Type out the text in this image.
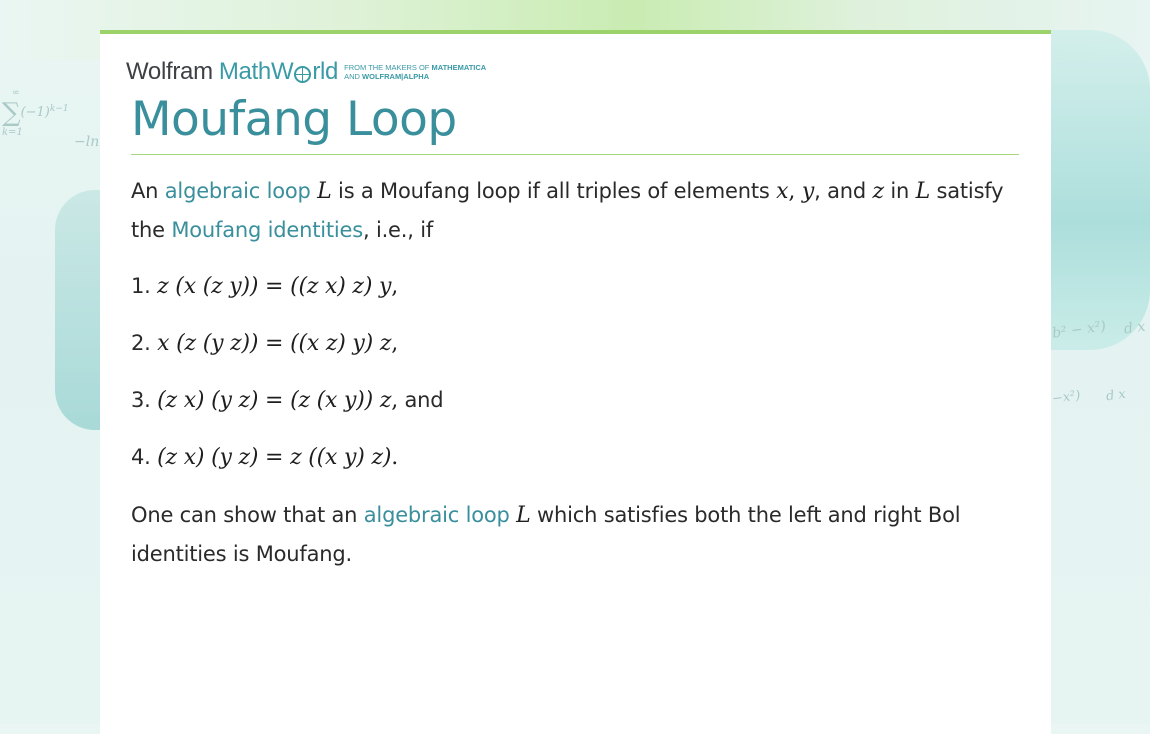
∞
∑ (−1) k−1
k=1
−ln
b² − x²) d x
−x²) d x
Wolfram MathW rld FROM THE MAKERS OF MATHEMATICA
AND WOLFRAM|ALPHA
Moufang Loop

An algebraic loop L is a Moufang loop if all triples of elements x, y, and z in L satisfy the Moufang identities, i.e., if

1. z (x (z y)) = ((z x) z) y,

2. x (z (y z)) = ((x z) y) z,

3. (z x) (y z) = (z (x y)) z, and

4. (z x) (y z) = z ((x y) z).

One can show that an algebraic loop L which satisfies both the left and right Bol identities is Moufang.
